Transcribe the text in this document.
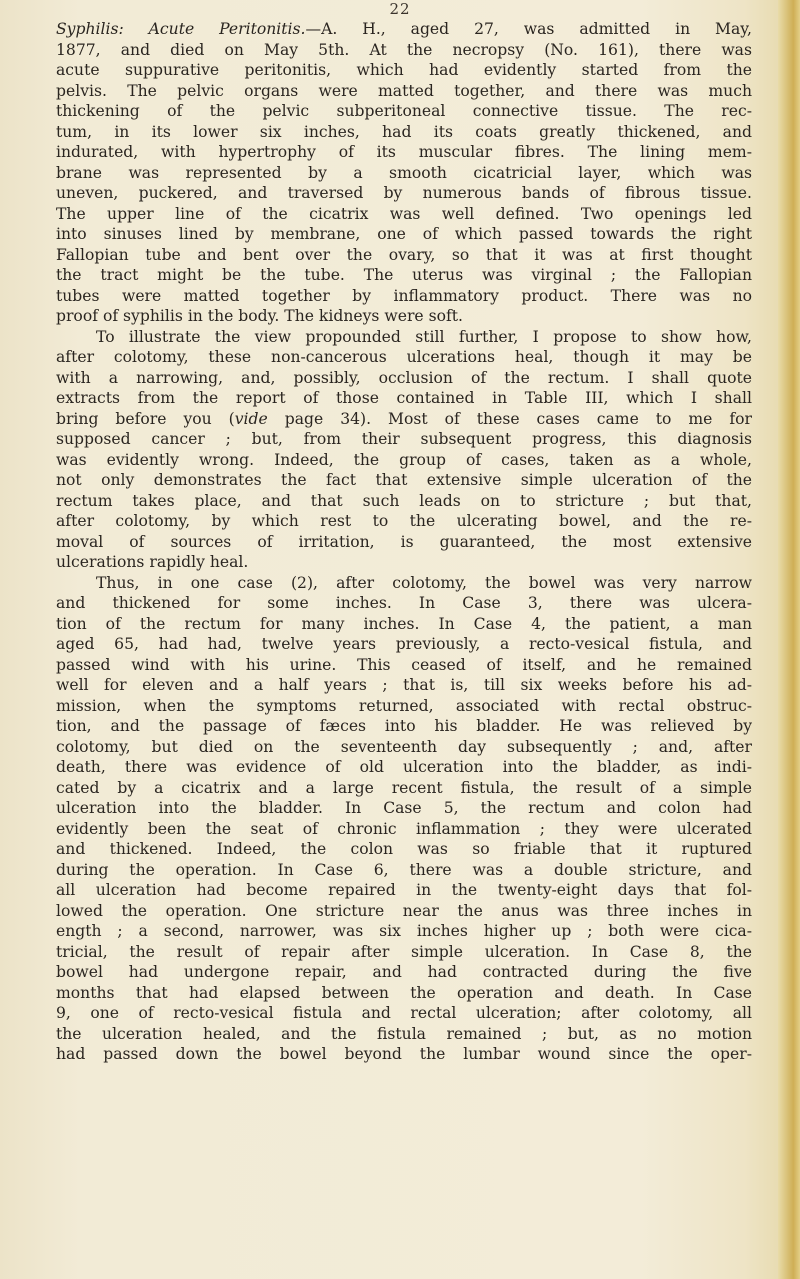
22
Syphilis: Acute Peritonitis.—A. H., aged 27, was admitted in May,
1877, and died on May 5th. At the necropsy (No. 161), there was
acute suppurative peritonitis, which had evidently started from the
pelvis. The pelvic organs were matted together, and there was much
thickening of the pelvic subperitoneal connective tissue. The rec-
tum, in its lower six inches, had its coats greatly thickened, and
indurated, with hypertrophy of its muscular fibres. The lining mem-
brane was represented by a smooth cicatricial layer, which was
uneven, puckered, and traversed by numerous bands of fibrous tissue.
The upper line of the cicatrix was well defined. Two openings led
into sinuses lined by membrane, one of which passed towards the right
Fallopian tube and bent over the ovary, so that it was at first thought
the tract might be the tube. The uterus was virginal ; the Fallopian
tubes were matted together by inflammatory product. There was no
proof of syphilis in the body. The kidneys were soft.
To illustrate the view propounded still further, I propose to show how,
after colotomy, these non-cancerous ulcerations heal, though it may be
with a narrowing, and, possibly, occlusion of the rectum. I shall quote
extracts from the report of those contained in Table III, which I shall
bring before you (vide page 34). Most of these cases came to me for
supposed cancer ; but, from their subsequent progress, this diagnosis
was evidently wrong. Indeed, the group of cases, taken as a whole,
not only demonstrates the fact that extensive simple ulceration of the
rectum takes place, and that such leads on to stricture ; but that,
after colotomy, by which rest to the ulcerating bowel, and the re-
moval of sources of irritation, is guaranteed, the most extensive
ulcerations rapidly heal.
Thus, in one case (2), after colotomy, the bowel was very narrow
and thickened for some inches. In Case 3, there was ulcera-
tion of the rectum for many inches. In Case 4, the patient, a man
aged 65, had had, twelve years previously, a recto-vesical fistula, and
passed wind with his urine. This ceased of itself, and he remained
well for eleven and a half years ; that is, till six weeks before his ad-
mission, when the symptoms returned, associated with rectal obstruc-
tion, and the passage of fæces into his bladder. He was relieved by
colotomy, but died on the seventeenth day subsequently ; and, after
death, there was evidence of old ulceration into the bladder, as indi-
cated by a cicatrix and a large recent fistula, the result of a simple
ulceration into the bladder. In Case 5, the rectum and colon had
evidently been the seat of chronic inflammation ; they were ulcerated
and thickened. Indeed, the colon was so friable that it ruptured
during the operation. In Case 6, there was a double stricture, and
all ulceration had become repaired in the twenty-eight days that fol-
lowed the operation. One stricture near the anus was three inches in
ength ; a second, narrower, was six inches higher up ; both were cica-
tricial, the result of repair after simple ulceration. In Case 8, the
bowel had undergone repair, and had contracted during the five
months that had elapsed between the operation and death. In Case
9, one of recto-vesical fistula and rectal ulceration; after colotomy, all
the ulceration healed, and the fistula remained ; but, as no motion
had passed down the bowel beyond the lumbar wound since the oper-
